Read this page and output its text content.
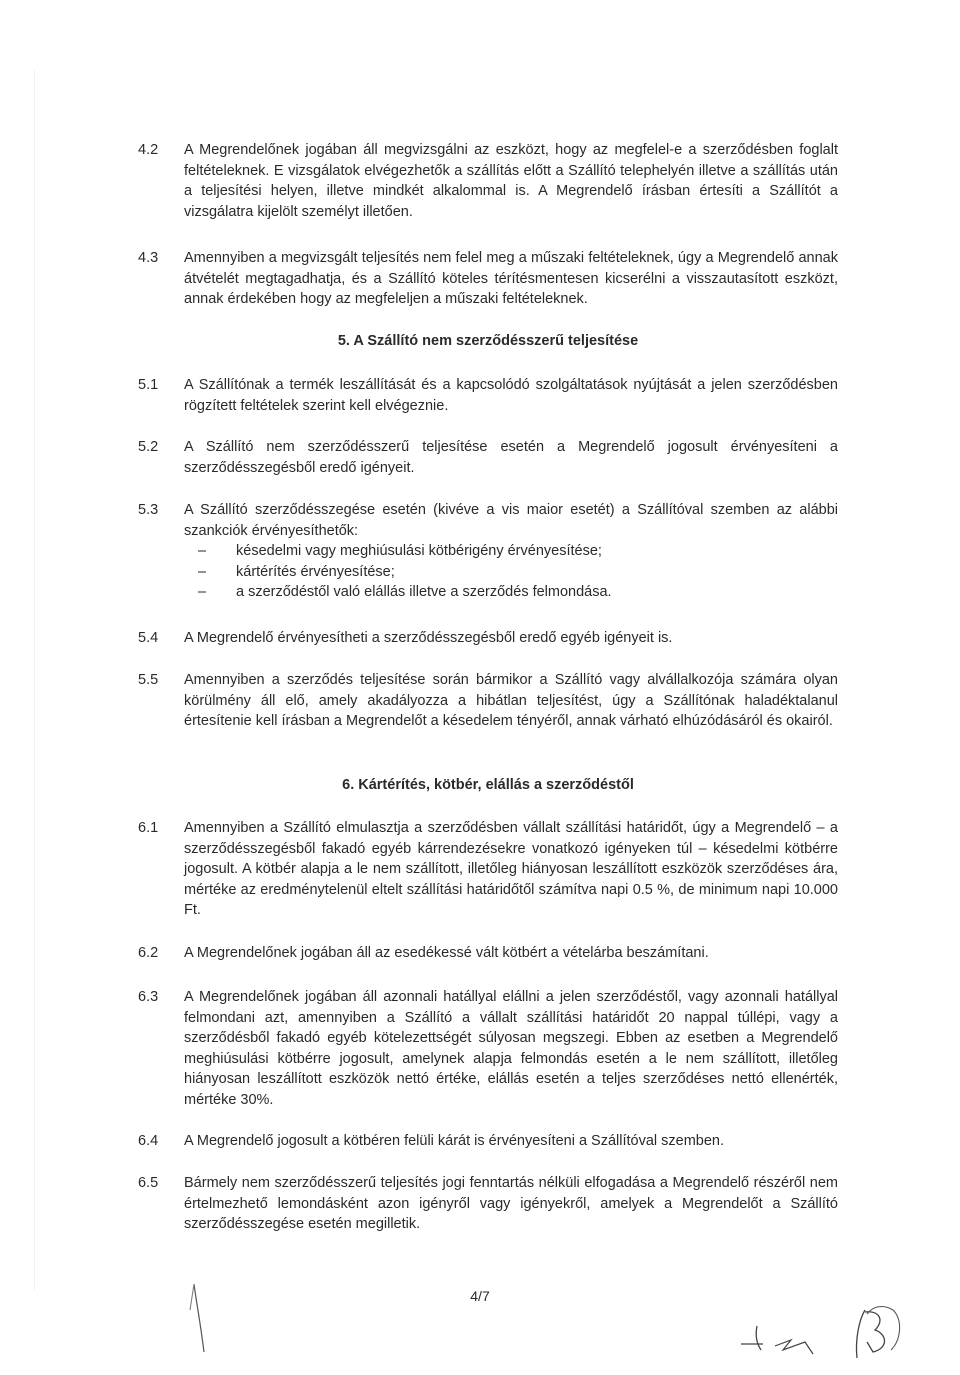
4.2	A Megrendelőnek jogában áll megvizsgálni az eszközt, hogy az megfelel-e a szerződésben foglalt feltételeknek. E vizsgálatok elvégezhetők a szállítás előtt a Szállító telephelyén illetve a szállítás után a teljesítési helyen, illetve mindkét alkalommal is. A Megrendelő írásban értesíti a Szállítót a vizsgálatra kijelölt személyt illetően.
4.3	Amennyiben a megvizsgált teljesítés nem felel meg a műszaki feltételeknek, úgy a Megrendelő annak átvételét megtagadhatja, és a Szállító köteles térítésmentesen kicserélni a visszautasított eszközt, annak érdekében hogy az megfeleljen a műszaki feltételeknek.
5. A Szállító nem szerződésszerű teljesítése
5.1	A Szállítónak a termék leszállítását és a kapcsolódó szolgáltatások nyújtását a jelen szerződésben rögzített feltételek szerint kell elvégeznie.
5.2	A Szállító nem szerződésszerű teljesítése esetén a Megrendelő jogosult érvényesíteni a szerződésszegésből eredő igényeit.
5.3	A Szállító szerződésszegése esetén (kivéve a vis maior esetét) a Szállítóval szemben az alábbi szankciók érvényesíthetők:
– késedelmi vagy meghiúsulási kötbérigény érvényesítése;
– kártérítés érvényesítése;
– a szerződéstől való elállás illetve a szerződés felmondása.
5.4	A Megrendelő érvényesítheti a szerződésszegésből eredő egyéb igényeit is.
5.5	Amennyiben a szerződés teljesítése során bármikor a Szállító vagy alvállalkozója számára olyan körülmény áll elő, amely akadályozza a hibátlan teljesítést, úgy a Szállítónak haladéktalanul értesítenie kell írásban a Megrendelőt a késedelem tényéről, annak várható elhúzódásáról és okairól.
6. Kártérítés, kötbér, elállás a szerződéstől
6.1	Amennyiben a Szállító elmulasztja a szerződésben vállalt szállítási határidőt, úgy a Megrendelő – a szerződésszegésből fakadó egyéb kárrendezésekre vonatkozó igényeken túl – késedelmi kötbérre jogosult. A kötbér alapja a le nem szállított, illetőleg hiányosan leszállított eszközök szerződéses ára, mértéke az eredménytelenül eltelt szállítási határidőtől számítva napi 0.5 %, de minimum napi 10.000 Ft.
6.2	A Megrendelőnek jogában áll az esedékessé vált kötbért a vételárba beszámítani.
6.3	A Megrendelőnek jogában áll azonnali hatállyal elállni a jelen szerződéstől, vagy azonnali hatállyal felmondani azt, amennyiben a Szállító a vállalt szállítási határidőt 20 nappal túllépi, vagy a szerződésből fakadó egyéb kötelezettségét súlyosan megszegi. Ebben az esetben a Megrendelő meghiúsulási kötbérre jogosult, amelynek alapja felmondás esetén a le nem szállított, illetőleg hiányosan leszállított eszközök nettó értéke, elállás esetén a teljes szerződéses nettó ellenérték, mértéke 30%.
6.4	A Megrendelő jogosult a kötbéren felüli kárát is érvényesíteni a Szállítóval szemben.
6.5	Bármely nem szerződésszerű teljesítés jogi fenntartás nélküli elfogadása a Megrendelő részéről nem értelmezhető lemondásként azon igényről vagy igényekről, amelyek a Megrendelőt a Szállító szerződésszegése esetén megilletik.
4/7
